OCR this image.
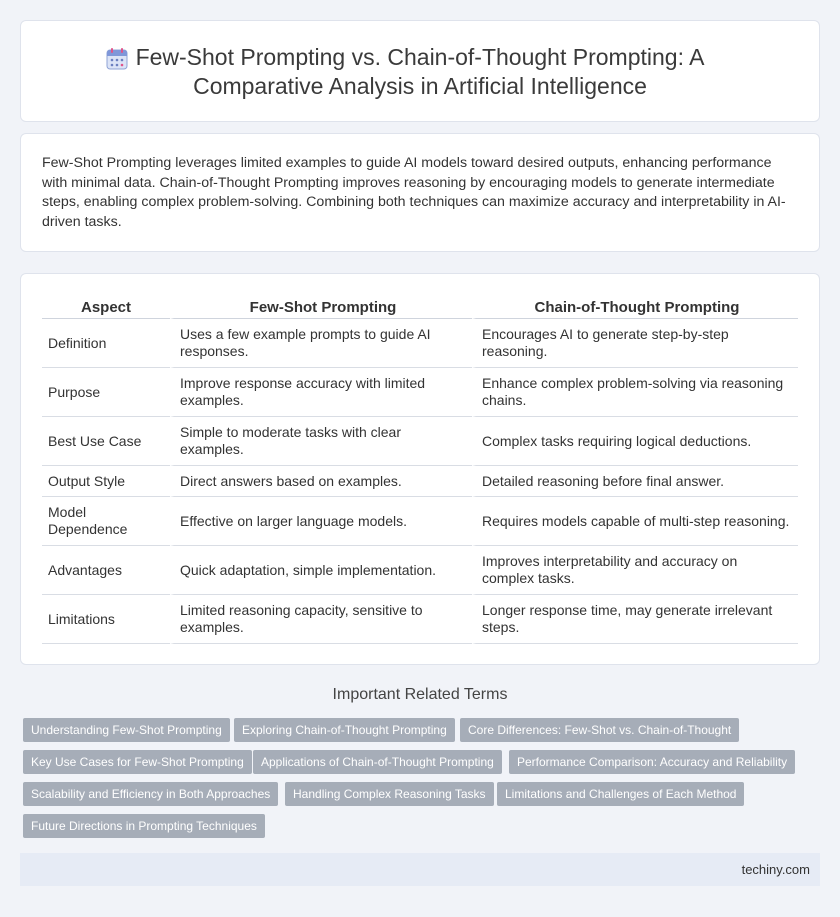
Few-Shot Prompting vs. Chain-of-Thought Prompting: A Comparative Analysis in Artificial Intelligence

Few-Shot Prompting leverages limited examples to guide AI models toward desired outputs, enhancing performance with minimal data. Chain-of-Thought Prompting improves reasoning by encouraging models to generate intermediate steps, enabling complex problem-solving. Combining both techniques can maximize accuracy and interpretability in AI-driven tasks.

Aspect	Few-Shot Prompting	Chain-of-Thought Prompting
Definition	Uses a few example prompts to guide AI responses.	Encourages AI to generate step-by-step reasoning.
Purpose	Improve response accuracy with limited examples.	Enhance complex problem-solving via reasoning chains.
Best Use Case	Simple to moderate tasks with clear examples.	Complex tasks requiring logical deductions.
Output Style	Direct answers based on examples.	Detailed reasoning before final answer.
Model Dependence	Effective on larger language models.	Requires models capable of multi-step reasoning.
Advantages	Quick adaptation, simple implementation.	Improves interpretability and accuracy on complex tasks.
Limitations	Limited reasoning capacity, sensitive to examples.	Longer response time, may generate irrelevant steps.
Important Related Terms
Understanding Few-Shot Prompting	Exploring Chain-of-Thought Prompting	Core Differences: Few-Shot vs. Chain-of-Thought
Key Use Cases for Few-Shot Prompting	Applications of Chain-of-Thought Prompting	Performance Comparison: Accuracy and Reliability
Scalability and Efficiency in Both Approaches	Handling Complex Reasoning Tasks	Limitations and Challenges of Each Method
Future Directions in Prompting Techniques
techiny.com
